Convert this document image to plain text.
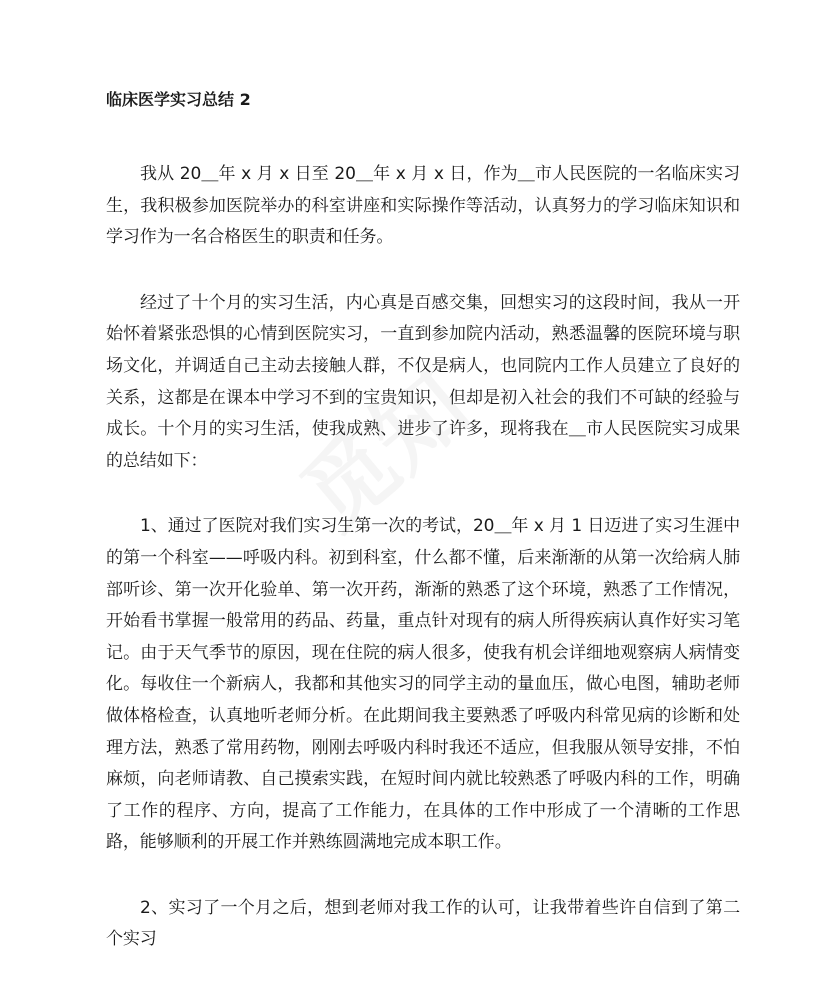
临床医学实习总结 2

我从 20＿年 x 月 x 日至 20＿年 x 月 x 日，作为＿市人民医院的一名临床实习生，我积极参加医院举办的科室讲座和实际操作等活动，认真努力的学习临床知识和学习作为一名合格医生的职责和任务。

经过了十个月的实习生活，内心真是百感交集，回想实习的这段时间，我从一开始怀着紧张恐惧的心情到医院实习，一直到参加院内活动，熟悉温馨的医院环境与职场文化，并调适自己主动去接触人群，不仅是病人，也同院内工作人员建立了良好的关系，这都是在课本中学习不到的宝贵知识，但却是初入社会的我们不可缺的经验与成长。十个月的实习生活，使我成熟、进步了许多，现将我在＿市人民医院实习成果的总结如下：

1、通过了医院对我们实习生第一次的考试，20＿年 x 月 1 日迈进了实习生涯中的第一个科室——呼吸内科。初到科室，什么都不懂，后来渐渐的从第一次给病人肺部听诊、第一次开化验单、第一次开药，渐渐的熟悉了这个环境，熟悉了工作情况，开始看书掌握一般常用的药品、药量，重点针对现有的病人所得疾病认真作好实习笔记。由于天气季节的原因，现在住院的病人很多，使我有机会详细地观察病人病情变化。每收住一个新病人，我都和其他实习的同学主动的量血压，做心电图，辅助老师做体格检查，认真地听老师分析。在此期间我主要熟悉了呼吸内科常见病的诊断和处理方法，熟悉了常用药物，刚刚去呼吸内科时我还不适应，但我服从领导安排，不怕麻烦，向老师请教、自己摸索实践，在短时间内就比较熟悉了呼吸内科的工作，明确了工作的程序、方向，提高了工作能力，在具体的工作中形成了一个清晰的工作思路，能够顺利的开展工作并熟练圆满地完成本职工作。

2、实习了一个月之后，想到老师对我工作的认可，让我带着些许自信到了第二个实习
